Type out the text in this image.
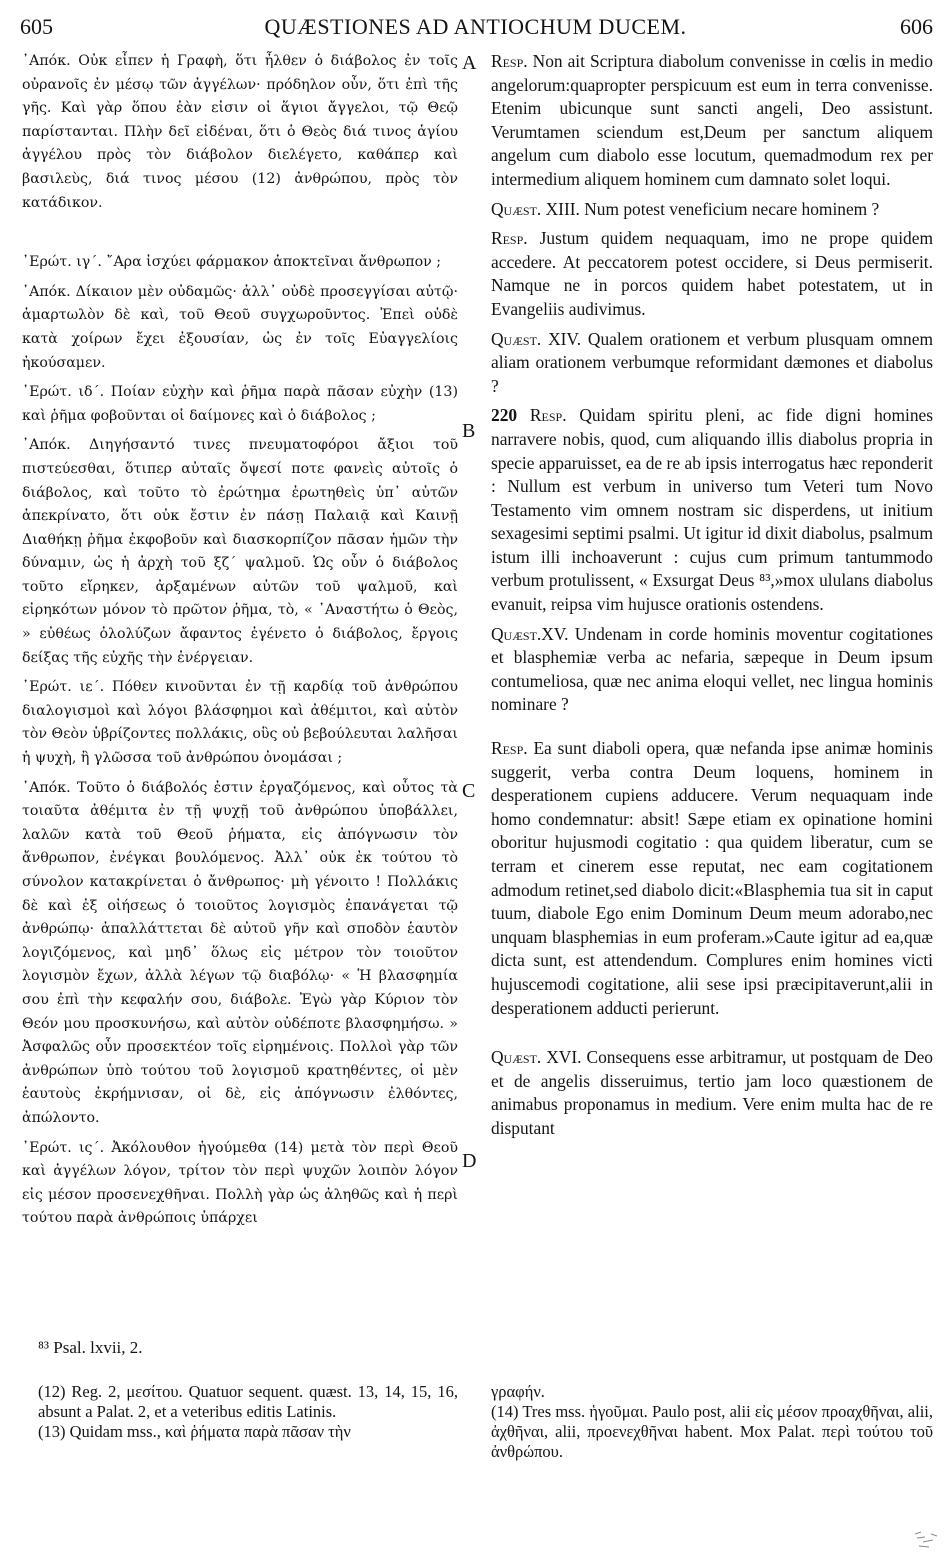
605	QUÆSTIONES AD ANTIOCHUM DUCEM.	606

᾿Απόκ. Οὐκ εἶπεν ἡ Γραφὴ, ὅτι ἦλθεν ὁ διάβολος ἐν τοῖς οὐρανοῖς ἐν μέσῳ τῶν ἀγγέλων· πρόδηλον οὖν, ὅτι ἐπὶ τῆς γῆς. Καὶ γὰρ ὅπου ἐὰν εἰσιν οἱ ἅγιοι ἄγγελοι, τῷ Θεῷ παρίστανται. Πλὴν δεῖ εἰδέναι, ὅτι ὁ Θεὸς διά τινος ἁγίου ἀγγέλου πρὸς τὸν διάβολον διελέγετο, καθάπερ καὶ βασιλεὺς, διά τινος μέσου (12) ἀνθρώπου, πρὸς τὸν κατάδικον.

᾿Ερώτ. ιγ΄. ῎Αρα ἰσχύει φάρμακον ἀποκτεῖναι ἄνθρωπον ;

᾿Απόκ. Δίκαιον μὲν οὐδαμῶς· ἀλλ᾿ οὐδὲ προσεγγίσαι αὐτῷ· ἁμαρτωλὸν δὲ καὶ, τοῦ Θεοῦ συγχωροῦντος. Ἐπεὶ οὐδὲ κατὰ χοίρων ἔχει ἐξουσίαν, ὡς ἐν τοῖς Εὐαγγελίοις ἠκούσαμεν.

᾿Ερώτ. ιδ΄. Ποίαν εὐχὴν καὶ ῥῆμα παρὰ πᾶσαν εὐχὴν (13) καὶ ῥῆμα φοβοῦνται οἱ δαίμονες καὶ ὁ διάβολος ;

᾿Απόκ. Διηγήσαντό τινες πνευματοφόροι ἄξιοι τοῦ πιστεύεσθαι, ὅτιπερ αὐταῖς ὄψεσί ποτε φανεὶς αὐτοῖς ὁ διάβολος, καὶ τοῦτο τὸ ἐρώτημα ἐρωτηθεὶς ὑπ᾿ αὐτῶν ἀπεκρίνατο, ὅτι οὐκ ἔστιν ἐν πάσῃ Παλαιᾷ καὶ Καινῇ Διαθήκῃ ῥῆμα ἐκφοβοῦν καὶ διασκορπίζον πᾶσαν ἡμῶν τὴν δύναμιν, ὡς ἡ ἀρχὴ τοῦ ξζ΄ ψαλμοῦ. Ὡς οὖν ὁ διάβολος τοῦτο εἴρηκεν, ἀρξαμένων αὐτῶν τοῦ ψαλμοῦ, καὶ εἰρηκότων μόνον τὸ πρῶτον ῥῆμα, τὸ, « ᾿Αναστήτω ὁ Θεὸς, » εὐθέως ὀλολύζων ἄφαντος ἐγένετο ὁ διάβολος, ἔργοις δείξας τῆς εὐχῆς τὴν ἐνέργειαν.

᾿Ερώτ. ιε΄. Πόθεν κινοῦνται ἐν τῇ καρδίᾳ τοῦ ἀνθρώπου διαλογισμοὶ καὶ λόγοι βλάσφημοι καὶ ἀθέμιτοι, καὶ αὐτὸν τὸν Θεὸν ὑβρίζοντες πολλάκις, οὓς οὐ βεβούλευται λαλῆσαι ἡ ψυχὴ, ἢ γλῶσσα τοῦ ἀνθρώπου ὀνομάσαι ;

᾿Απόκ. Τοῦτο ὁ διάβολός ἐστιν ἐργαζόμενος, καὶ οὗτος τὰ τοιαῦτα ἀθέμιτα ἐν τῇ ψυχῇ τοῦ ἀνθρώπου ὑποβάλλει, λαλῶν κατὰ τοῦ Θεοῦ ῥήματα, εἰς ἀπόγνωσιν τὸν ἄνθρωπον, ἐνέγκαι βουλόμενος. Ἀλλ᾿ οὐκ ἐκ τούτου τὸ σύνολον κατακρίνεται ὁ ἄνθρωπος· μὴ γένοιτο ! Πολλάκις δὲ καὶ ἐξ οἰήσεως ὁ τοιοῦτος λογισμὸς ἐπανάγεται τῷ ἀνθρώπῳ· ἀπαλλάττεται δὲ αὐτοῦ γῆν καὶ σποδὸν ἑαυτὸν λογιζόμενος, καὶ μηδ᾿ ὅλως εἰς μέτρον τὸν τοιοῦτον λογισμὸν ἔχων, ἀλλὰ λέγων τῷ διαβόλῳ· « Ἡ βλασφημία σου ἐπὶ τὴν κεφαλήν σου, διάβολε. Ἐγὼ γὰρ Κύριον τὸν Θεόν μου προσκυνήσω, καὶ αὐτὸν οὐδέποτε βλασφημήσω. » Ἀσφαλῶς οὖν προσεκτέον τοῖς εἰρημένοις. Πολλοὶ γὰρ τῶν ἀνθρώπων ὑπὸ τούτου τοῦ λογισμοῦ κρατηθέντες, οἱ μὲν ἑαυτοὺς ἐκρήμνισαν, οἱ δὲ, εἰς ἀπόγνωσιν ἐλθόντες, ἀπώλοντο.

᾿Ερώτ. ις΄. Ἀκόλουθον ἡγούμεθα (14) μετὰ τὸν περὶ Θεοῦ καὶ ἀγγέλων λόγον, τρίτον τὸν περὶ ψυχῶν λοιπὸν λόγον εἰς μέσον προσενεχθῆναι. Πολλὴ γὰρ ὡς ἀληθῶς καὶ ἡ περὶ τούτου παρὰ ἀνθρώποις ὑπάρχει

A
B
C
D

Resp. Non ait Scriptura diabolum convenisse in cœlis in medio angelorum:quapropter perspicuum est eum in terra convenisse. Etenim ubicunque sunt sancti angeli, Deo assistunt. Verumtamen sciendum est,Deum per sanctum aliquem angelum cum diabolo esse locutum, quemadmodum rex per intermedium aliquem hominem cum damnato solet loqui.

Quæst. XIII. Num potest veneficium necare hominem ?

Resp. Justum quidem nequaquam, imo ne prope quidem accedere. At peccatorem potest occidere, si Deus permiserit. Namque ne in porcos quidem habet potestatem, ut in Evangeliis audivimus.

Quæst. XIV. Qualem orationem et verbum plusquam omnem aliam orationem verbumque reformidant dæmones et diabolus ?

220 Resp. Quidam spiritu pleni, ac fide digni homines narravere nobis, quod, cum aliquando illis diabolus propria in specie apparuisset, ea de re ab ipsis interrogatus hæc reponderit : Nullum est verbum in universo tum Veteri tum Novo Testamento vim omnem nostram sic disperdens, ut initium sexagesimi septimi psalmi. Ut igitur id dixit diabolus, psalmum istum illi inchoaverunt : cujus cum primum tantummodo verbum protulissent, « Exsurgat Deus ⁸³,»mox ululans diabolus evanuit, reipsa vim hujusce orationis ostendens.

Quæst.XV. Undenam in corde hominis moventur cogitationes et blasphemiæ verba ac nefaria, sæpeque in Deum ipsum contumeliosa, quæ nec anima eloqui vellet, nec lingua hominis nominare ?

Resp. Ea sunt diaboli opera, quæ nefanda ipse animæ hominis suggerit, verba contra Deum loquens, hominem in desperationem cupiens adducere. Verum nequaquam inde homo condemnatur: absit! Sæpe etiam ex opinatione homini oboritur hujusmodi cogitatio : qua quidem liberatur, cum se terram et cinerem esse reputat, nec eam cogitationem admodum retinet,sed diabolo dicit:«Blasphemia tua sit in caput tuum, diabole Ego enim Dominum Deum meum adorabo,nec unquam blasphemias in eum proferam.»Caute igitur ad ea,quæ dicta sunt, est attendendum. Complures enim homines victi hujuscemodi cogitatione, alii sese ipsi præcipitaverunt,alii in desperationem adducti perierunt.

Quæst. XVI. Consequens esse arbitramur, ut postquam de Deo et de angelis disseruimus, tertio jam loco quæstionem de animabus proponamus in medium. Vere enim multa hac de re disputant

⁸³ Psal. lxvii, 2.

(12) Reg. 2, μεσίτου. Quatuor sequent. quæst. 13, 14, 15, 16, absunt a Palat. 2, et a veteribus editis Latinis.

(13) Quidam mss., καὶ ῥήματα παρὰ πᾶσαν τὴν

γραφήν.

(14) Tres mss. ἡγοῦμαι. Paulo post, alii εἰς μέσον προαχθῆναι, alii, ἀχθῆναι, alii, προενεχθῆναι habent. Mox Palat. περὶ τούτου τοῦ ἀνθρώπου.
